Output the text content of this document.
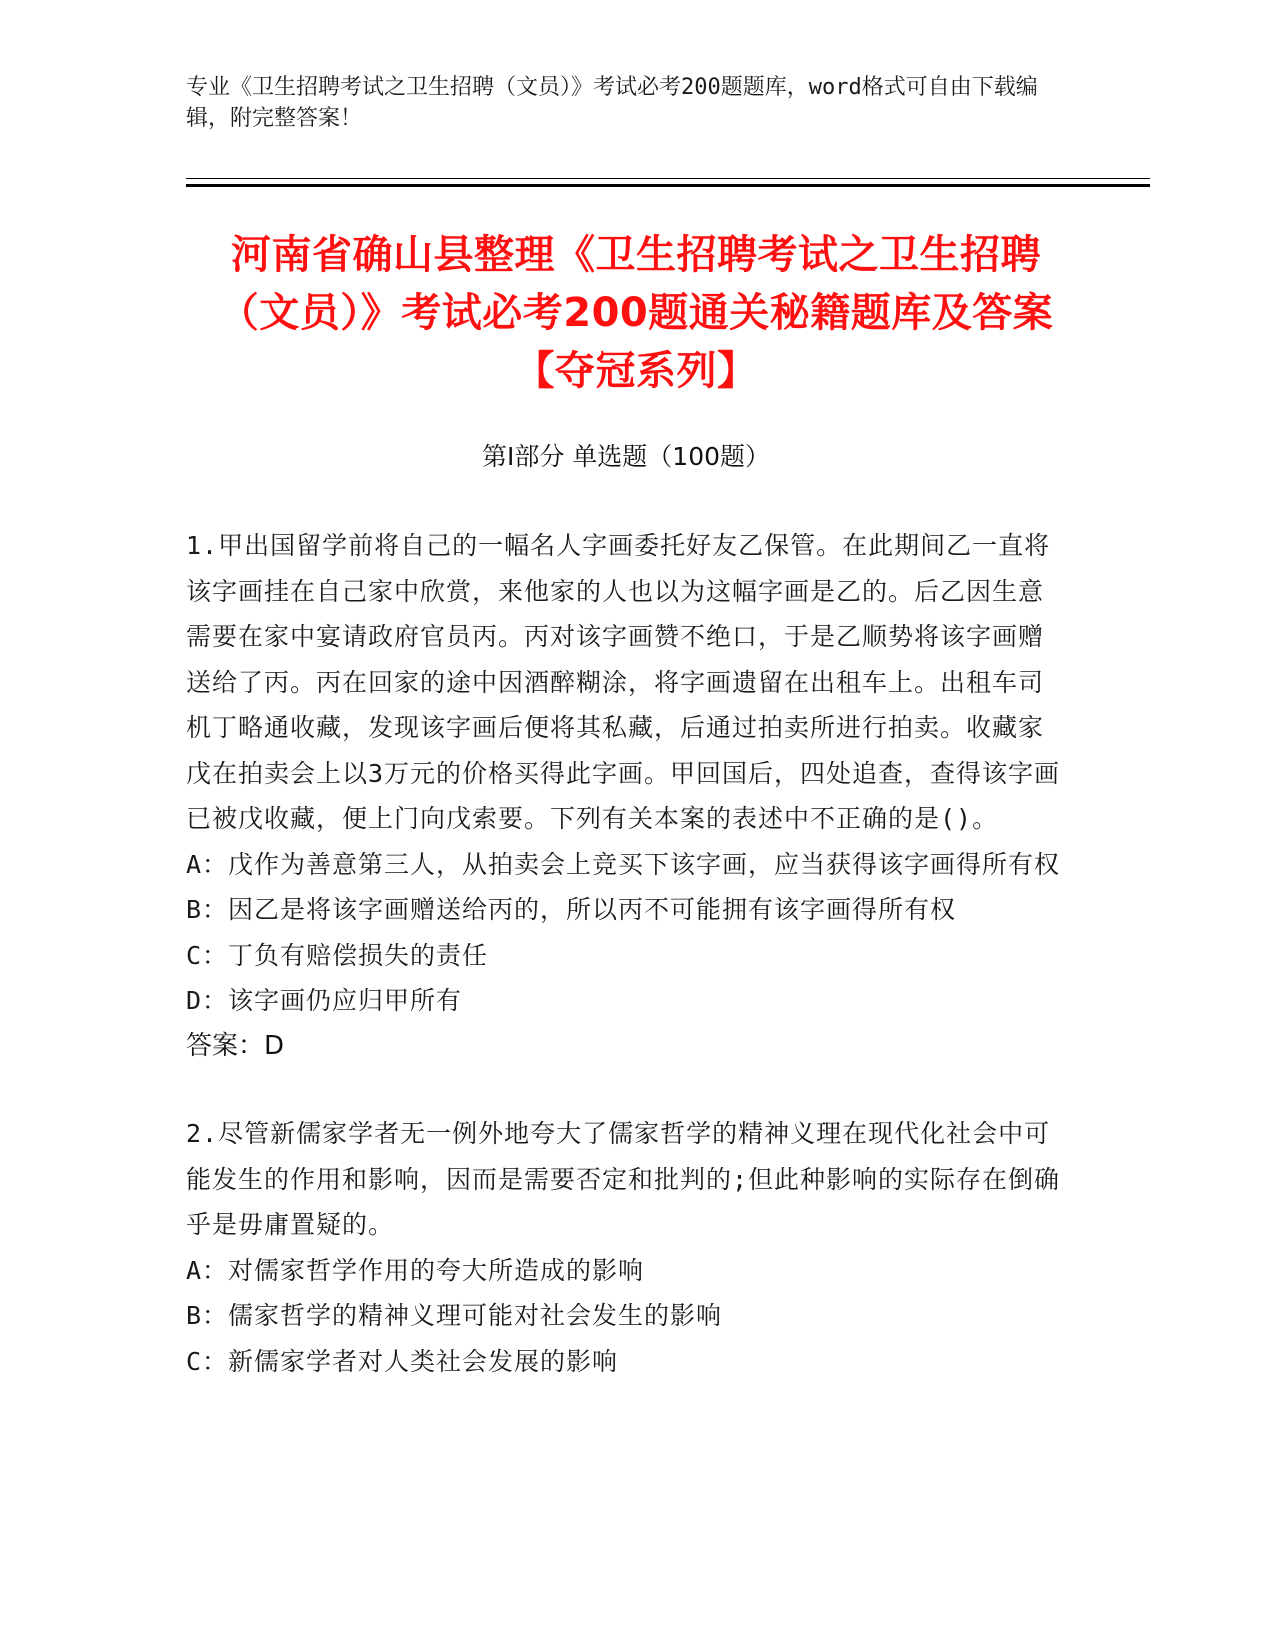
专业《卫生招聘考试之卫生招聘（文员）》考试必考200题题库，word格式可自由下载编辑，附完整答案！
河南省确山县整理《卫生招聘考试之卫生招聘（文员）》考试必考200题通关秘籍题库及答案【夺冠系列】
第Ⅰ部分 单选题（100题）

1.甲出国留学前将自己的一幅名人字画委托好友乙保管。在此期间乙一直将该字画挂在自己家中欣赏，来他家的人也以为这幅字画是乙的。后乙因生意需要在家中宴请政府官员丙。丙对该字画赞不绝口，于是乙顺势将该字画赠送给了丙。丙在回家的途中因酒醉糊涂，将字画遗留在出租车上。出租车司机丁略通收藏，发现该字画后便将其私藏，后通过拍卖所进行拍卖。收藏家戊在拍卖会上以3万元的价格买得此字画。甲回国后，四处追查，查得该字画已被戊收藏，便上门向戊索要。下列有关本案的表述中不正确的是()。

A：戊作为善意第三人，从拍卖会上竞买下该字画，应当获得该字画得所有权

B：因乙是将该字画赠送给丙的，所以丙不可能拥有该字画得所有权

C：丁负有赔偿损失的责任

D：该字画仍应归甲所有

答案：D

2.尽管新儒家学者无一例外地夸大了儒家哲学的精神义理在现代化社会中可能发生的作用和影响，因而是需要否定和批判的;但此种影响的实际存在倒确乎是毋庸置疑的。

A：对儒家哲学作用的夸大所造成的影响

B：儒家哲学的精神义理可能对社会发生的影响

C：新儒家学者对人类社会发展的影响
